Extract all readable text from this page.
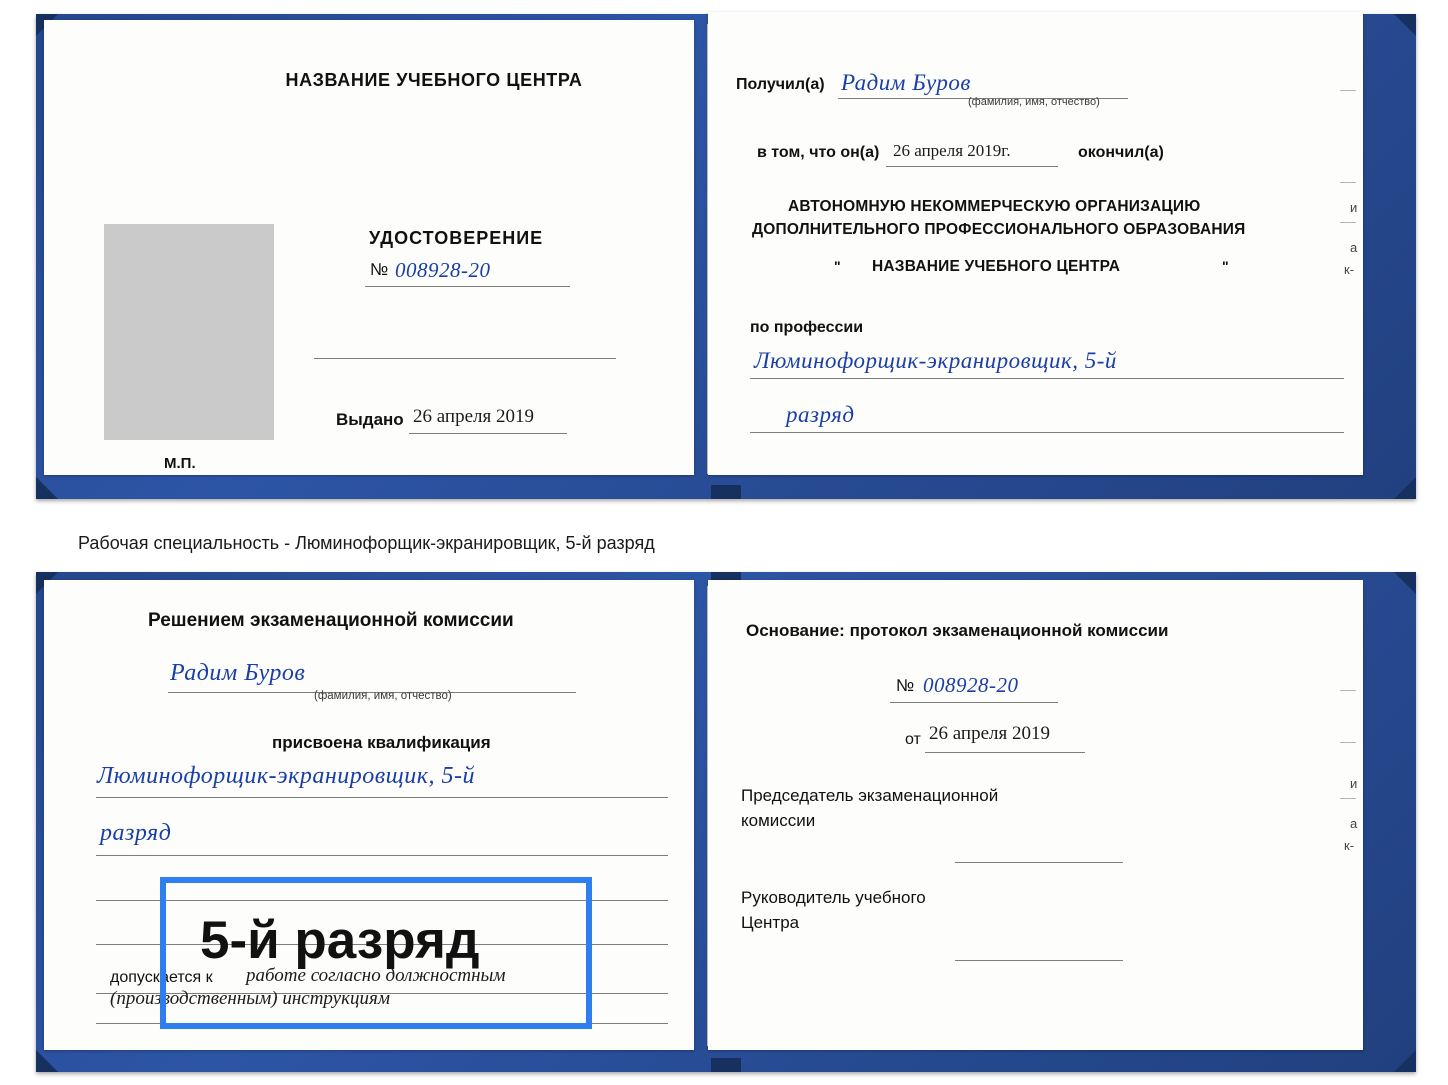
НАЗВАНИЕ УЧЕБНОГО ЦЕНТРА
УДОСТОВЕРЕНИЕ
№ 008928-20
Выдано 26 апреля 2019
М.П.
Получил(а) Радим Буров
(фамилия, имя, отчество)
в том, что он(а) 26 апреля 2019г.	окончил(а)
АВТОНОМНУЮ НЕКОММЕРЧЕСКУЮ ОРГАНИЗАЦИЮ
ДОПОЛНИТЕЛЬНОГО ПРОФЕССИОНАЛЬНОГО ОБРАЗОВАНИЯ
" НАЗВАНИЕ УЧЕБНОГО ЦЕНТРА	"
по профессии
Люминофорщик-экранировщик, 5-й
разряд
и
а
к-
Рабочая специальность - Люминофорщик-экранировщик, 5-й разряд
Решением экзаменационной комиссии
Радим Буров
(фамилия, имя, отчество)
присвоена квалификация
Люминофорщик-экранировщик, 5-й
разряд
допускается к работе согласно должностным
(производственным) инструкциям
5-й разряд
Основание: протокол экзаменационной комиссии
№ 008928-20
от 26 апреля 2019
Председатель экзаменационной
комиссии
Руководитель учебного
Центра
и
а
к-
